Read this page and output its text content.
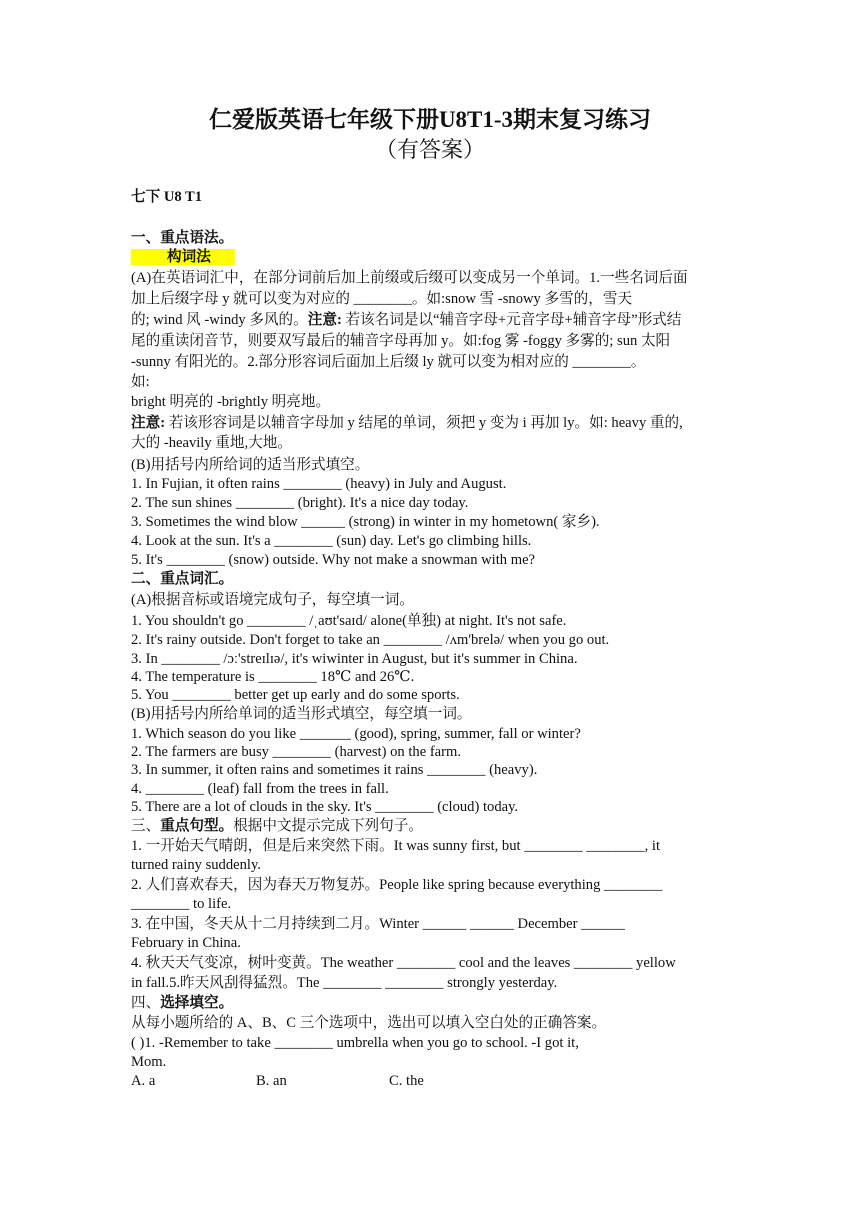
仁爱版英语七年级下册U8T1-3期末复习练习
（有答案）
七下 U8 T1
一、重点语法。
构词法
(A)在英语词汇中，在部分词前后加上前缀或后缀可以变成另一个单词。1.一些名词后面
加上后缀字母 y 就可以变为对应的 ________。如:snow 雪 -snowy 多雪的，雪天
的; wind 风 -windy 多风的。注意: 若该名词是以“辅音字母+元音字母+辅音字母”形式结
尾的重读闭音节，则要双写最后的辅音字母再加 y。如:fog 雾 -foggy 多雾的; sun 太阳
-sunny 有阳光的。2.部分形容词后面加上后缀 ly 就可以变为相对应的 ________。
如:
bright 明亮的 -brightly 明亮地。
注意: 若该形容词是以辅音字母加 y 结尾的单词，须把 y 变为 i 再加 ly。如: heavy 重的,
大的 -heavily 重地,大地。
(B)用括号内所给词的适当形式填空。
1. In Fujian, it often rains ________ (heavy) in July and August.
2. The sun shines ________ (bright). It's a nice day today.
3. Sometimes the wind blow ______ (strong) in winter in my hometown( 家乡).
4. Look at the sun. It's a ________ (sun) day. Let's go climbing hills.
5. It's ________ (snow) outside. Why not make a snowman with me?
二、重点词汇。
(A)根据音标或语境完成句子，每空填一词。
1. You shouldn't go ________ /ˌaʊt'saɪd/ alone(单独) at night. It's not safe.
2. It's rainy outside. Don't forget to take an ________ /ʌm'brelə/ when you go out.
3. In ________ /ɔː'streɪlɪə/, it's wiwinter in August, but it's summer in China.
4. The temperature is ________ 18℃ and 26℃.
5. You ________ better get up early and do some sports.
(B)用括号内所给单词的适当形式填空，每空填一词。
1. Which season do you like _______ (good), spring, summer, fall or winter?
2. The farmers are busy ________ (harvest) on the farm.
3. In summer, it often rains and sometimes it rains ________ (heavy).
4. ________ (leaf) fall from the trees in fall.
5. There are a lot of clouds in the sky. It's ________ (cloud) today.
三、重点句型。根据中文提示完成下列句子。
1. 一开始天气晴朗，但是后来突然下雨。It was sunny first, but ________ ________, it
turned rainy suddenly.
2. 人们喜欢春天，因为春天万物复苏。People like spring because everything ________
________ to life.
3. 在中国，冬天从十二月持续到二月。Winter ______ ______ December ______
February in China.
4. 秋天天气变凉，树叶变黄。The weather ________ cool and the leaves ________ yellow
in fall.5.昨天风刮得猛烈。The ________ ________ strongly yesterday.
四、选择填空。
从每小题所给的 A、B、C 三个选项中，选出可以填入空白处的正确答案。
( )1. -Remember to take ________ umbrella when you go to school. -I got it,
Mom.
A. a	B. an	C. the
